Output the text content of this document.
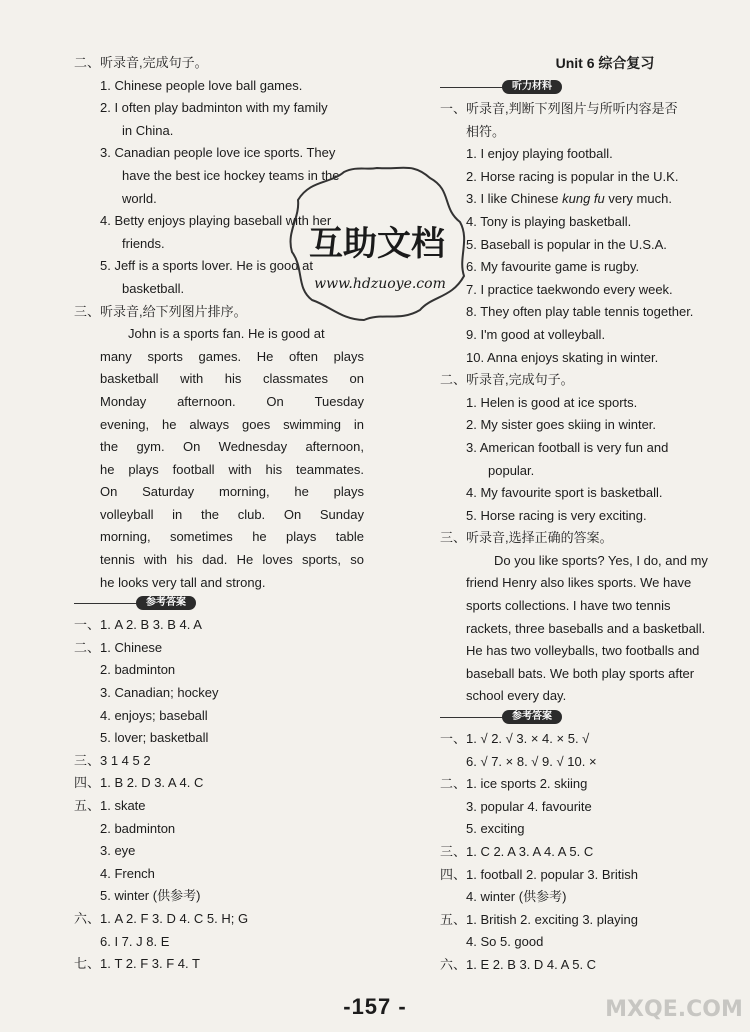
二、听录音,完成句子。
1. Chinese people love ball games.
2. I often play badminton with my family
in China.
3. Canadian people love ice sports. They
have the best ice hockey teams in the
world.
4. Betty enjoys playing baseball with her
friends.
5. Jeff is a sports lover. He is good at
basketball.
三、听录音,给下列图片排序。
John is a sports fan. He is good at
many sports games. He often plays
basketball with his classmates on
Monday afternoon. On Tuesday
evening, he always goes swimming in
the gym. On Wednesday afternoon,
he plays football with his teammates.
On Saturday morning, he plays
volleyball in the club. On Sunday
morning, sometimes he plays table
tennis with his dad. He loves sports, so
he looks very tall and strong.
参考答案
一、1. A 2. B 3. B 4. A
二、1. Chinese
2. badminton
3. Canadian; hockey
4. enjoys; baseball
5. lover; basketball
三、3 1 4 5 2
四、1. B 2. D 3. A 4. C
五、1. skate
2. badminton
3. eye
4. French
5. winter (供参考)
六、1. A 2. F 3. D 4. C 5. H; G
6. I 7. J 8. E
七、1. T 2. F 3. F 4. T
Unit 6 综合复习
听力材料
一、听录音,判断下列图片与所听内容是否
相符。
1. I enjoy playing football.
2. Horse racing is popular in the U.K.
3. I like Chinese kung fu very much.
4. Tony is playing basketball.
5. Baseball is popular in the U.S.A.
6. My favourite game is rugby.
7. I practice taekwondo every week.
8. They often play table tennis together.
9. I'm good at volleyball.
10. Anna enjoys skating in winter.
二、听录音,完成句子。
1. Helen is good at ice sports.
2. My sister goes skiing in winter.
3. American football is very fun and
popular.
4. My favourite sport is basketball.
5. Horse racing is very exciting.
三、听录音,选择正确的答案。
Do you like sports? Yes, I do, and my
friend Henry also likes sports. We have
sports collections. I have two tennis
rackets, three baseballs and a basketball.
He has two volleyballs, two footballs and
baseball bats. We both play sports after
school every day.
参考答案
一、1. √ 2. √ 3. × 4. × 5. √
6. √ 7. × 8. √ 9. √ 10. ×
二、1. ice sports 2. skiing
3. popular 4. favourite
5. exciting
三、1. C 2. A 3. A 4. A 5. C
四、1. football 2. popular 3. British
4. winter (供参考)
五、1. British 2. exciting 3. playing
4. So 5. good
六、1. E 2. B 3. D 4. A 5. C
互助文档
www.hdzuoye.com
MXQE.COM
-157 -
